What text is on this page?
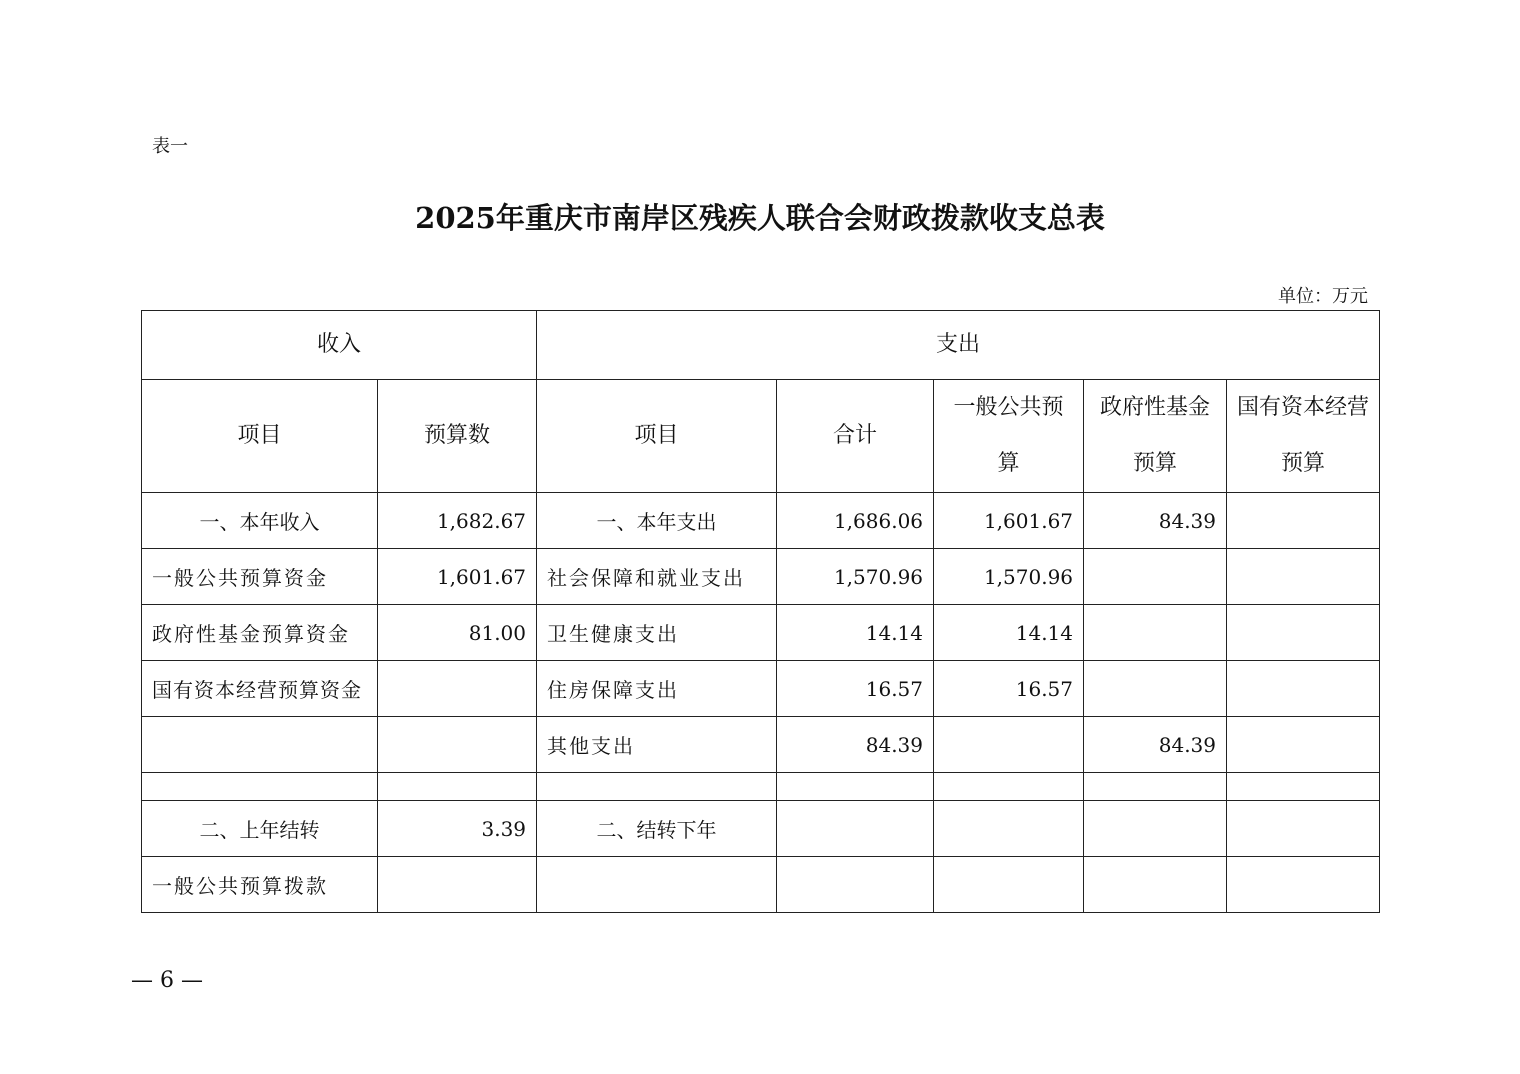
表一
2025年重庆市南岸区残疾人联合会财政拨款收支总表
单位：万元
收入		支出				
项目	预算数	项目	合计	一般公共预算	政府性基金预算	国有资本经营预算
一、本年收入	1,682.67	一、本年支出	1,686.06	1,601.67	84.39	
一般公共预算资金	1,601.67	社会保障和就业支出	1,570.96	1,570.96		
政府性基金预算资金	81.00	卫生健康支出	14.14	14.14		
国有资本经营预算资金		住房保障支出	16.57	16.57		
		其他支出	84.39		84.39	

二、上年结转	3.39	二、结转下年				
一般公共预算拨款						
— 6 —
